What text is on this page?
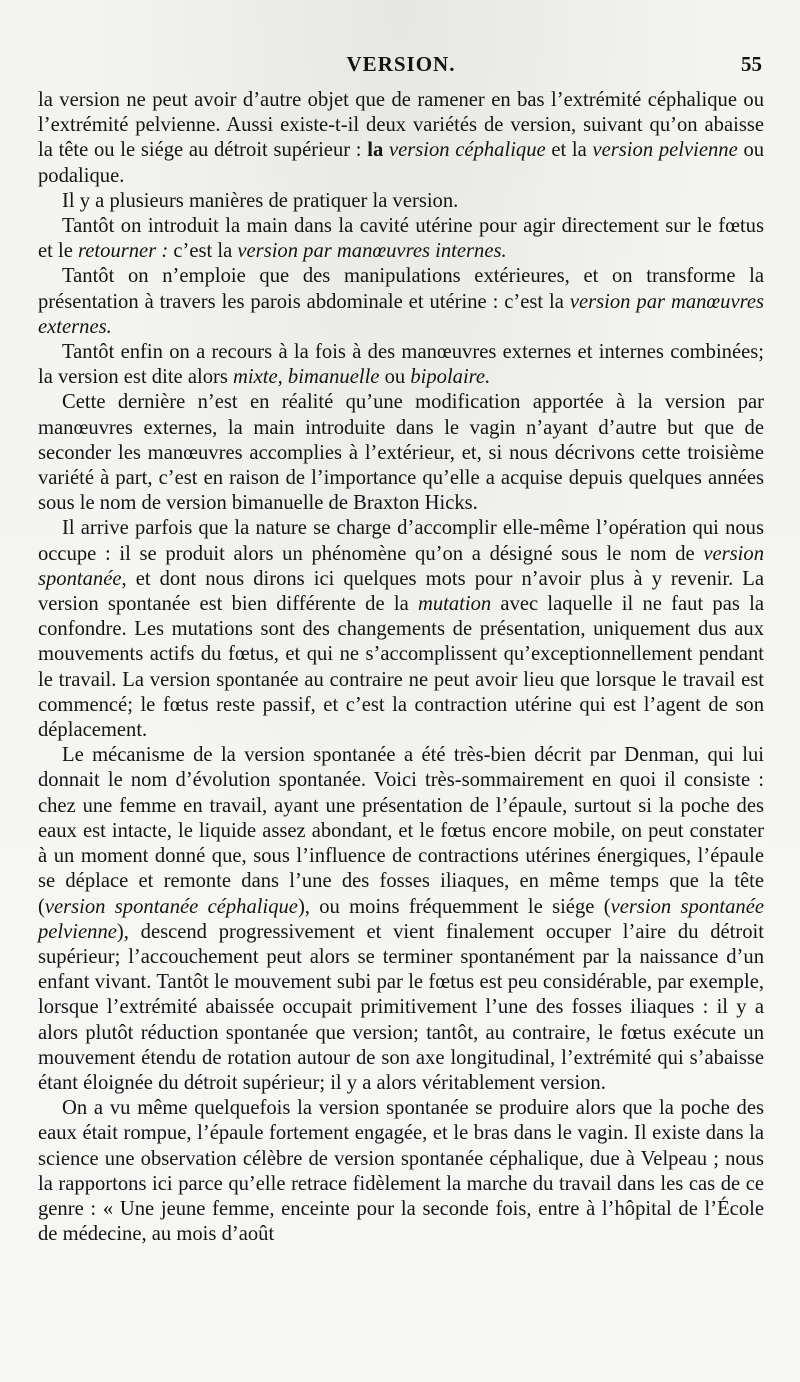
VERSION.	55

la version ne peut avoir d’autre objet que de ramener en bas l’extrémité céphalique ou l’extrémité pelvienne. Aussi existe-t-il deux variétés de version, suivant qu’on abaisse la tête ou le siége au détroit supérieur : la version céphalique et la version pelvienne ou podalique.

Il y a plusieurs manières de pratiquer la version.

Tantôt on introduit la main dans la cavité utérine pour agir directement sur le fœtus et le retourner : c’est la version par manœuvres internes.

Tantôt on n’emploie que des manipulations extérieures, et on transforme la présentation à travers les parois abdominale et utérine : c’est la version par manœuvres externes.

Tantôt enfin on a recours à la fois à des manœuvres externes et internes combinées; la version est dite alors mixte, bimanuelle ou bipolaire.

Cette dernière n’est en réalité qu’une modification apportée à la version par manœuvres externes, la main introduite dans le vagin n’ayant d’autre but que de seconder les manœuvres accomplies à l’extérieur, et, si nous décrivons cette troisième variété à part, c’est en raison de l’importance qu’elle a acquise depuis quelques années sous le nom de version bimanuelle de Braxton Hicks.

Il arrive parfois que la nature se charge d’accomplir elle-même l’opération qui nous occupe : il se produit alors un phénomène qu’on a désigné sous le nom de version spontanée, et dont nous dirons ici quelques mots pour n’avoir plus à y revenir. La version spontanée est bien différente de la mutation avec laquelle il ne faut pas la confondre. Les mutations sont des changements de présentation, uniquement dus aux mouvements actifs du fœtus, et qui ne s’accomplissent qu’exceptionnellement pendant le travail. La version spontanée au contraire ne peut avoir lieu que lorsque le travail est commencé; le fœtus reste passif, et c’est la contraction utérine qui est l’agent de son déplacement.

Le mécanisme de la version spontanée a été très-bien décrit par Denman, qui lui donnait le nom d’évolution spontanée. Voici très-sommairement en quoi il consiste : chez une femme en travail, ayant une présentation de l’épaule, surtout si la poche des eaux est intacte, le liquide assez abondant, et le fœtus encore mobile, on peut constater à un moment donné que, sous l’influence de contractions utérines énergiques, l’épaule se déplace et remonte dans l’une des fosses iliaques, en même temps que la tête (version spontanée céphalique), ou moins fréquemment le siége (version spontanée pelvienne), descend progressivement et vient finalement occuper l’aire du détroit supérieur; l’accouchement peut alors se terminer spontanément par la naissance d’un enfant vivant. Tantôt le mouvement subi par le fœtus est peu considérable, par exemple, lorsque l’extrémité abaissée occupait primitivement l’une des fosses iliaques : il y a alors plutôt réduction spontanée que version; tantôt, au contraire, le fœtus exécute un mouvement étendu de rotation autour de son axe longitudinal, l’extrémité qui s’abaisse étant éloignée du détroit supérieur; il y a alors véritablement version.

On a vu même quelquefois la version spontanée se produire alors que la poche des eaux était rompue, l’épaule fortement engagée, et le bras dans le vagin. Il existe dans la science une observation célèbre de version spontanée céphalique, due à Velpeau ; nous la rapportons ici parce qu’elle retrace fidèlement la marche du travail dans les cas de ce genre : « Une jeune femme, enceinte pour la seconde fois, entre à l’hôpital de l’École de médecine, au mois d’août
